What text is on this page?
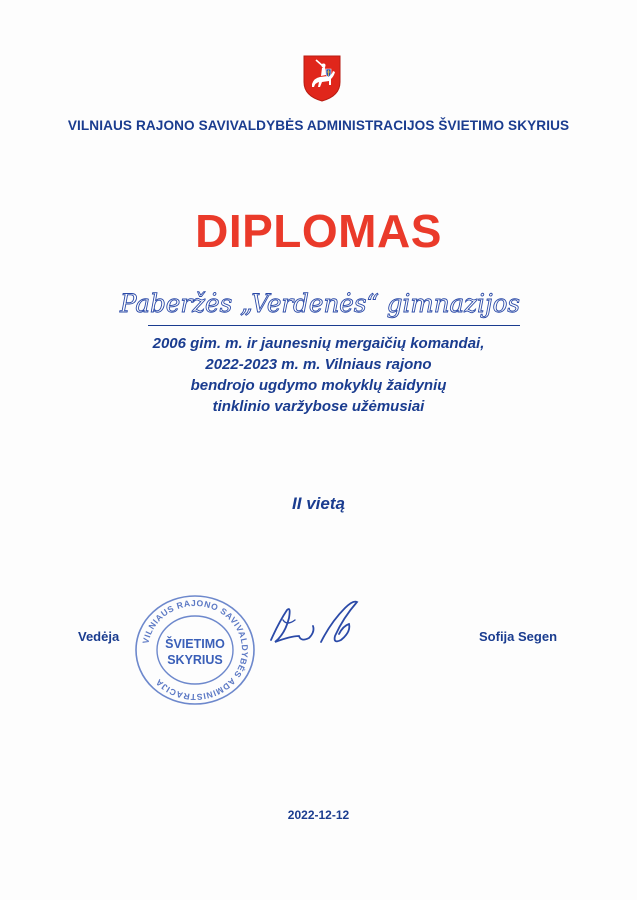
VILNIAUS RAJONO SAVIVALDYBĖS ADMINISTRACIJOS ŠVIETIMO SKYRIUS
DIPLOMAS
Paberžės „Verdenės“ gimnazijos
2006 gim. m. ir jaunesnių mergaičių komandai,
2022-2023 m. m. Vilniaus rajono
bendrojo ugdymo mokyklų žaidynių
tinklinio varžybose užėmusiai
II vietą
Vedėja VILNIAUS RAJONO SAVIVALDYBĖS ADMINISTRACIJA
ŠVIETIMO
SKYRIUS
Sofija Segen
2022-12-12
